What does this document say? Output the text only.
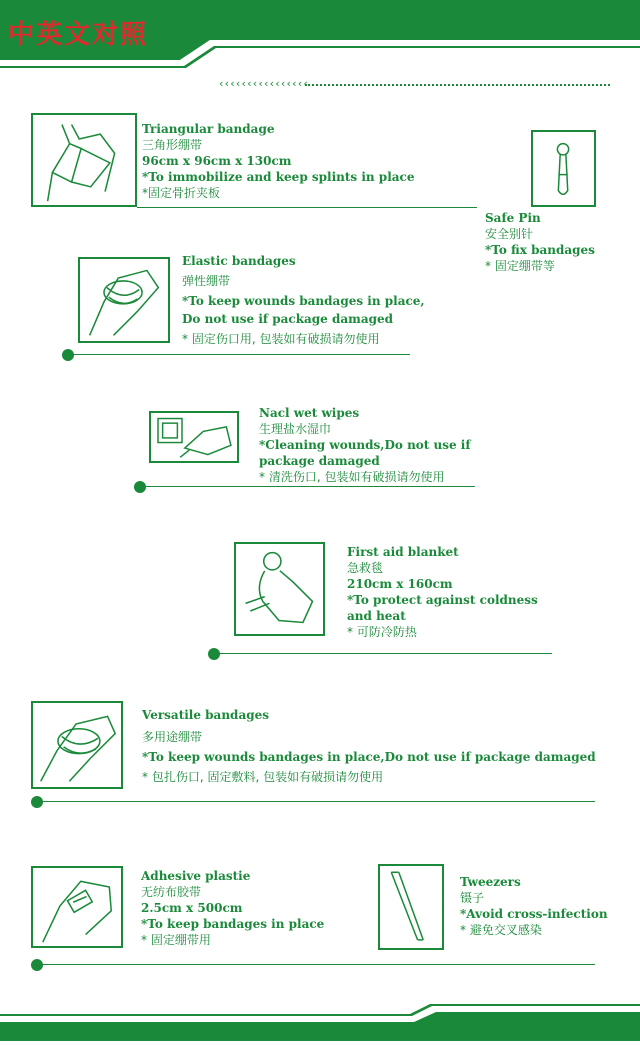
中英文对照
‹‹‹‹‹‹‹‹‹‹‹‹‹‹‹‹
Triangular bandage
三角形绷带
96cm x 96cm x 130cm
*To immobilize and keep splints in place
*固定骨折夹板
Safe Pin
安全别针
*To fix bandages
* 固定绷带等
Elastic bandages
弹性绷带
*To keep wounds bandages in place,
Do not use if package damaged
* 固定伤口用, 包装如有破损请勿使用
Nacl wet wipes
生理盐水湿巾
*Cleaning wounds,Do not use if
package damaged
* 清洗伤口, 包装如有破损请勿使用
First aid blanket
急救毯
210cm x 160cm
*To protect against coldness
and heat
* 可防冷防热
Versatile bandages
多用途绷带
*To keep wounds bandages in place,Do not use if package damaged
* 包扎伤口, 固定敷料, 包装如有破损请勿使用
Adhesive plastie
无纺布胶带
2.5cm x 500cm
*To keep bandages in place
* 固定绷带用
Tweezers
镊子
*Avoid cross-infection
* 避免交叉感染
